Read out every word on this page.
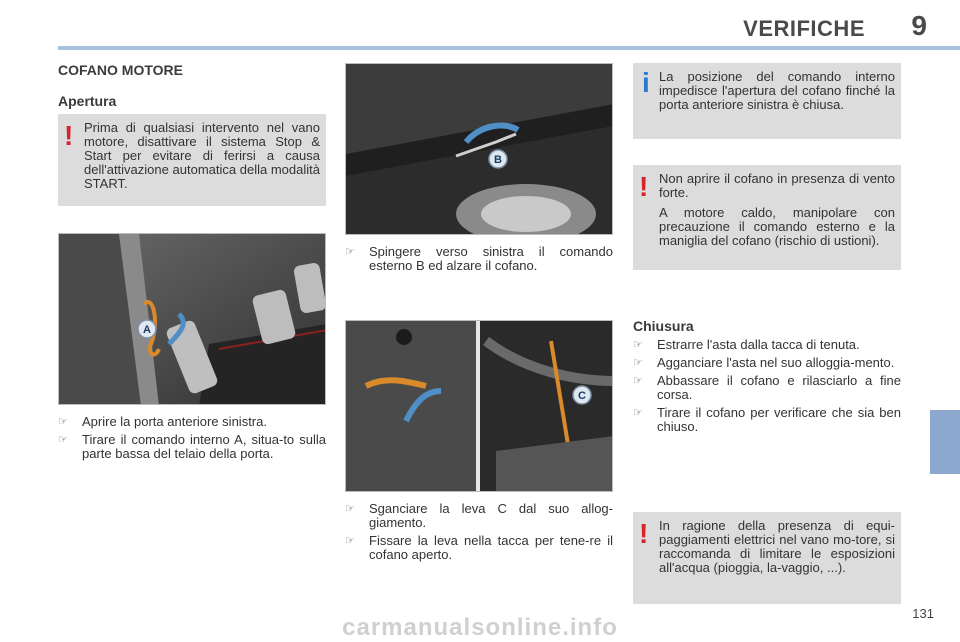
VERIFICHE 9
COFANO MOTORE
Apertura
! Prima di qualsiasi intervento nel vano motore, disattivare il sistema Stop & Start per evitare di ferirsi a causa dell'attivazione automatica della modalità START.

A
☞ Aprire la porta anteriore sinistra.
☞ Tirare il comando interno A, situa-to sulla parte bassa del telaio della porta.
B
☞ Spingere verso sinistra il comando esterno B ed alzare il cofano.
C
☞ Sganciare la leva C dal suo allog-giamento.
☞ Fissare la leva nella tacca per tene-re il cofano aperto.
i La posizione del comando interno impedisce l'apertura del cofano finché la porta anteriore sinistra è chiusa.

! Non aprire il cofano in presenza di vento forte.

A motore caldo, manipolare con precauzione il comando esterno e la maniglia del cofano (rischio di ustioni).

Chiusura
☞ Estrarre l'asta dalla tacca di tenuta.
☞ Agganciare l'asta nel suo alloggia-mento.
☞ Abbassare il cofano e rilasciarlo a fine corsa.
☞ Tirare il cofano per verificare che sia ben chiuso.
! In ragione della presenza di equi-paggiamenti elettrici nel vano mo-tore, si raccomanda di limitare le esposizioni all'acqua (pioggia, la-vaggio, ...).

131
carmanualsonline.info
